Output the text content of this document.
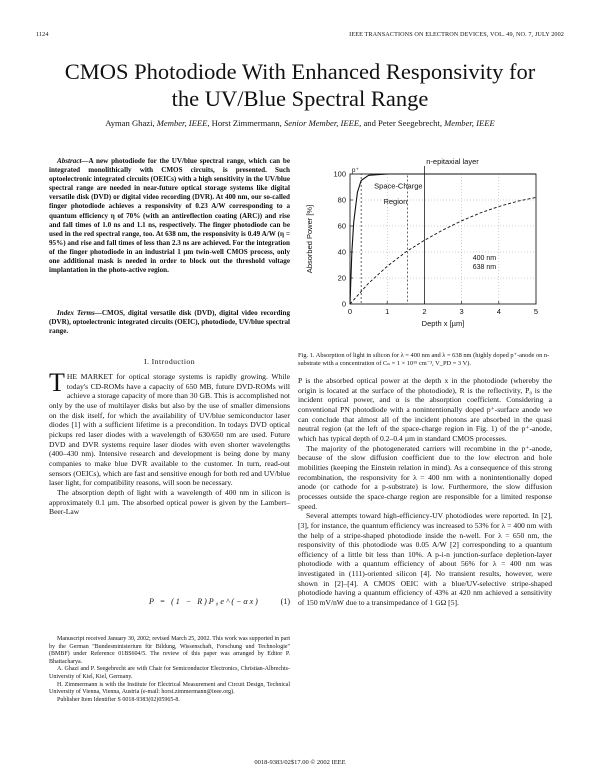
1124	IEEE TRANSACTIONS ON ELECTRON DEVICES, VOL. 49, NO. 7, JULY 2002
CMOS Photodiode With Enhanced Responsivity for
the UV/Blue Spectral Range
Ayman Ghazi, Member, IEEE, Horst Zimmermann, Senior Member, IEEE, and Peter Seegebrecht, Member, IEEE
Abstract—A new photodiode for the UV/blue spectral range, which can be integrated monolithically with CMOS circuits, is presented. Such optoelectronic integrated circuits (OEICs) with a high sensitivity in the UV/blue spectral range are needed in near-future optical storage systems like digital versatile disk (DVD) or digital video recording (DVR). At 400 nm, our so-called finger photodiode achieves a responsivity of 0.23 A/W corresponding to a quantum efficiency η of 70% (with an antireflection coating (ARC)) and rise and fall times of 1.0 ns and 1.1 ns, respectively. The finger photodiode can be used in the red spectral range, too. At 638 nm, the responsivity is 0.49 A/W (η = 95%) and rise and fall times of less than 2.3 ns are achieved. For the integration of the finger photodiode in an industrial 1 µm twin-well CMOS process, only one additional mask is needed in order to block out the threshold voltage implantation in the photo-active region.
Index Terms—CMOS, digital versatile disk (DVD), digital video recording (DVR), optoelectronic integrated circuits (OEIC), photodiode, UV/blue spectral range.
I. Introduction

THE MARKET for optical storage systems is rapidly growing. While today's CD-ROMs have a capacity of 650 MB, future DVD-ROMs will achieve a storage capacity of more than 30 GB. This is accomplished not only by the use of multilayer disks but also by the use of smaller dimensions on the disk itself, for which the availability of UV/blue semiconductor laser diodes [1] with a sufficient lifetime is a precondition. In todays DVD optical pickups red laser diodes with a wavelength of 630/650 nm are used. Future DVD and DVR systems require laser diodes with even shorter wavelengths (400–430 nm). Intensive research and development is being done by many companies to make blue DVR available to the customer. In turn, read-out sensors (OEICs), which are fast and sensitive enough for both red and UV/blue laser light, for compatibility reasons, will soon be necessary.

The absorption depth of light with a wavelength of 400 nm in silicon is approximately 0.1 µm. The absorbed optical power is given by the Lambert–Beer-Law

P = (1 − R)P₀e^(−αx)	(1)

Manuscript received January 30, 2002; revised March 25, 2002. This work was supported in part by the German "Bundesministerium für Bildung, Wissenschaft, Forschung und Technologie" (BMBF) under Reference 01BS604/5. The review of this paper was arranged by Editor P. Bhattacharya.

A. Ghazi and P. Seegebrecht are with Chair for Semiconductor Electronics, Christian-Albrechts-University of Kiel, Kiel, Germany.

H. Zimmermann is with the Institute for Electrical Measurement and Circuit Design, Technical University of Vienna, Vienna, Austria (e-mail: horst.zimmermann@ieee.org).

Publisher Item Identifier S 0018-9383(02)05965-8.

0
20
40
60
80
100
0	1	2	3	4	5
n-epitaxial layer
Space-Charge
Region
p⁺
400 nm
638 nm
Absorbed Power [%]
Depth x [µm]
Fig. 1. Absorption of light in silicon for λ = 400 nm and λ = 638 nm (highly doped p⁺-anode on n-substrate with a concentration of Cₙ = 1 × 10¹⁵ cm⁻³, V_PD = 3 V).

P is the absorbed optical power at the depth x in the photodiode (whereby the origin is located at the surface of the photodiode), R is the reflectivity, P₀ is the incident optical power, and α is the absorption coefficient. Considering a conventional PN photodiode with a nonintentionally doped p⁺-surface anode we can conclude that almost all of the incident photons are absorbed in the quasi neutral region (at the left of the space-charge region in Fig. 1) of the p⁺-anode, which has typical depth of 0.2–0.4 µm in standard CMOS processes.

The majority of the photogenerated carriers will recombine in the p⁺-anode, because of the slow diffusion coefficient due to the low electron and hole mobilities (keeping the Einstein relation in mind). As a consequence of this strong recombination, the responsivity for λ = 400 nm with a nonintentionally doped anode (or cathode for a p-substrate) is low. Furthermore, the slow diffusion processes outside the space-charge region are responsible for a limited response speed.

Several attempts toward high-efficiency-UV photodiodes were reported. In [2], [3], for instance, the quantum efficiency was increased to 53% for λ = 400 nm with the help of a stripe-shaped photodiode inside the n-well. For λ = 650 nm, the responsivity of this photodiode was 0.05 A/W [2] corresponding to a quantum efficiency of a little bit less than 10%. A p-i-n junction-surface depletion-layer photodiode with a quantum efficiency of about 56% for λ = 400 nm was investigated in (111)-oriented silicon [4]. No transient results, however, were shown in [2]–[4]. A CMOS OEIC with a blue/UV-selective stripe-shaped photodiode having a quantum efficiency of 43% at 420 nm achieved a sensitivity of 150 mV/nW due to a transimpedance of 1 GΩ [5].

0018-9383/02$17.00 © 2002 IEEE
